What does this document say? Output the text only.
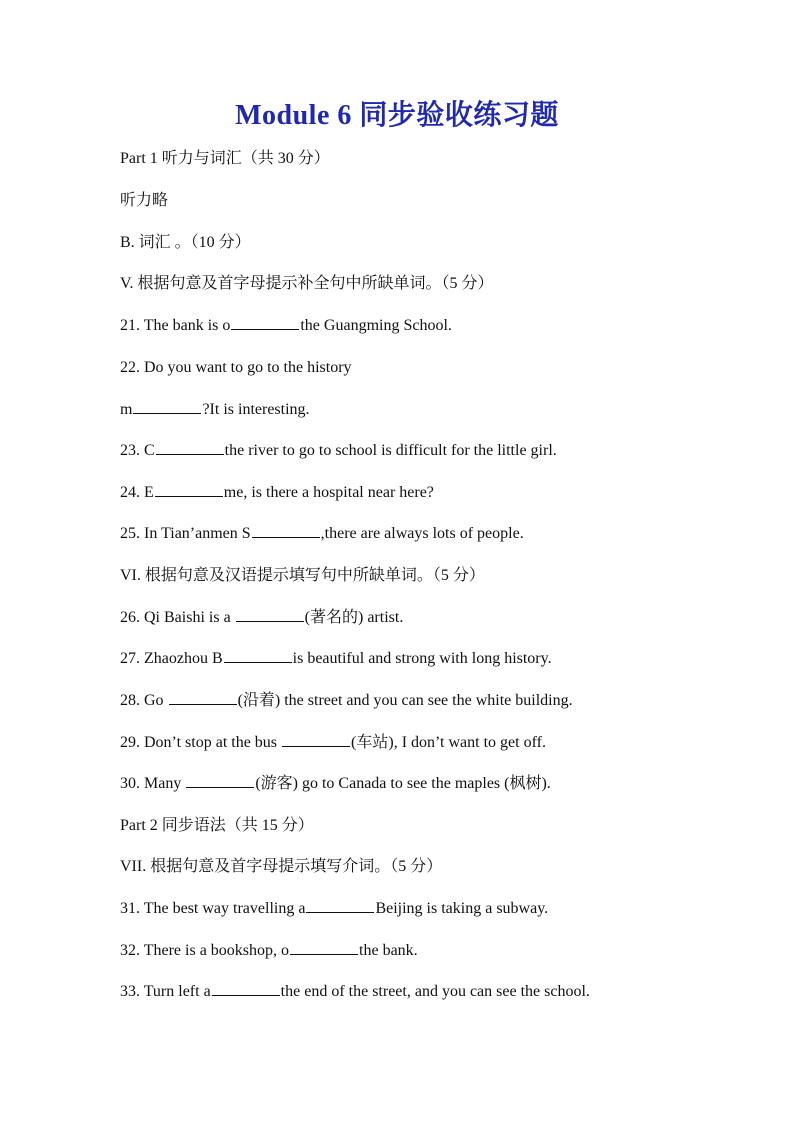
Module 6 同步验收练习题
Part 1 听力与词汇（共 30 分）
听力略
B. 词汇 。（10 分）
V. 根据句意及首字母提示补全句中所缺单词。（5 分）
21. The bank is o	the Guangming School.
22. Do you want to go to the history
m	?It is interesting.
23. C	the river to go to school is difficult for the little girl.
24. E	me, is there a hospital near here?
25. In Tian’anmen S	,there are always lots of people.
VI. 根据句意及汉语提示填写句中所缺单词。（5 分）
26. Qi Baishi is a	(著名的) artist.
27. Zhaozhou B	is beautiful and strong with long history.
28. Go	(沿着) the street and you can see the white building.
29. Don’t stop at the bus	(车站), I don’t want to get off.
30. Many	(游客) go to Canada to see the maples (枫树).
Part 2 同步语法（共 15 分）
VII. 根据句意及首字母提示填写介词。（5 分）
31. The best way travelling a	Beijing is taking a subway.
32. There is a bookshop, o	the bank.
33. Turn left a	the end of the street, and you can see the school.
